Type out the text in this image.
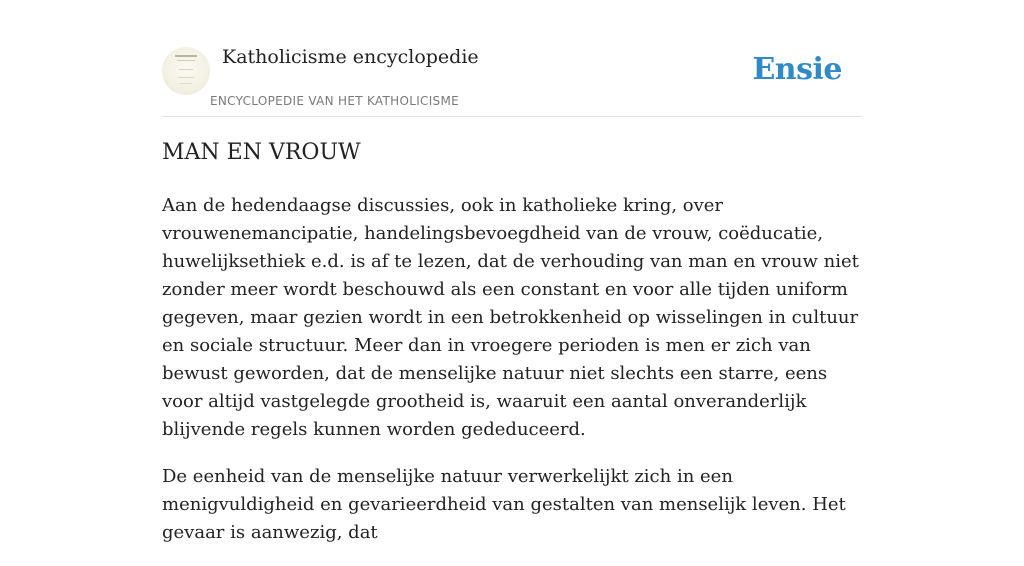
Katholicisme encyclopedie
ENCYCLOPEDIE VAN HET KATHOLICISME
Ensie
MAN EN VROUW

Aan de hedendaagse discussies, ook in katholieke kring, over vrouwenemancipatie, handelingsbevoegdheid van de vrouw, coëducatie, huwelijksethiek e.d. is af te lezen, dat de verhouding van man en vrouw niet zonder meer wordt beschouwd als een constant en voor alle tijden uniform gegeven, maar gezien wordt in een betrokkenheid op wisselingen in cultuur en sociale structuur. Meer dan in vroegere perioden is men er zich van bewust geworden, dat de menselijke natuur niet slechts een starre, eens voor altijd vastgelegde grootheid is, waaruit een aantal onveranderlijk blijvende regels kunnen worden gededuceerd.

De eenheid van de menselijke natuur verwerkelijkt zich in een menigvuldigheid en gevarieerdheid van gestalten van menselijk leven. Het gevaar is aanwezig, dat
